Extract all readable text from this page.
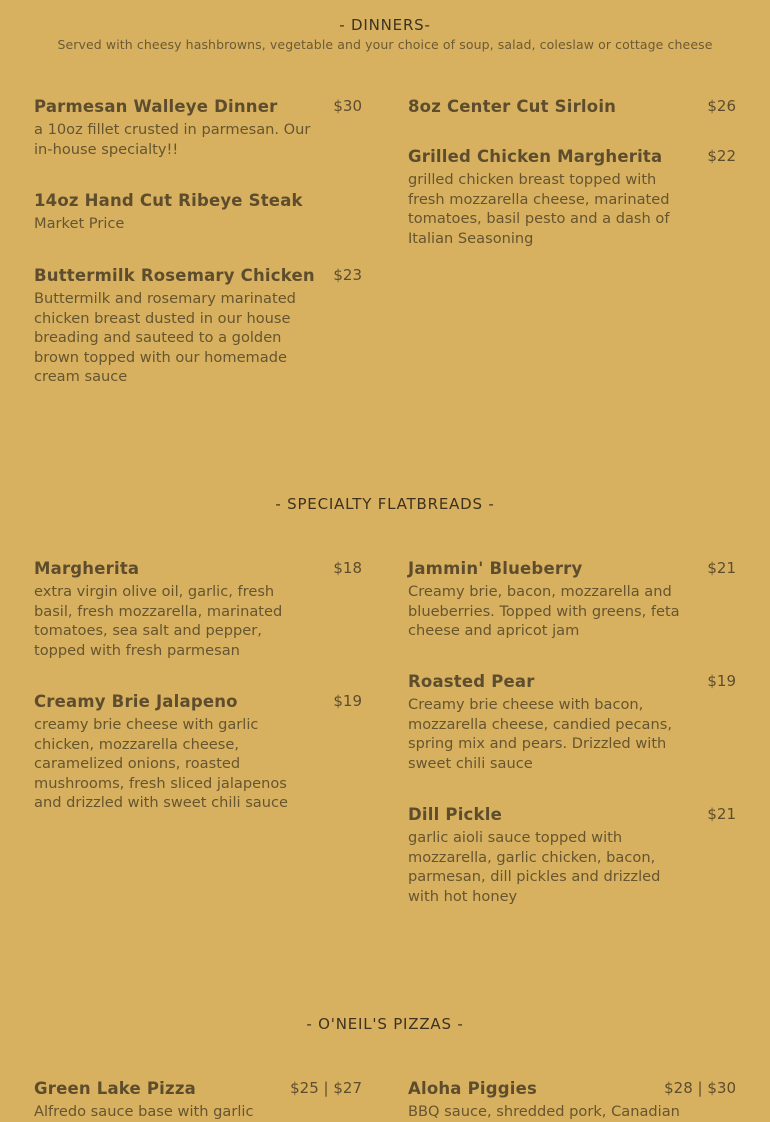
- DINNERS-
Served with cheesy hashbrowns, vegetable and your choice of soup, salad, coleslaw or cottage cheese
Parmesan Walleye Dinner	$30
a 10oz fillet crusted in parmesan. Our in-house specialty!!
14oz Hand Cut Ribeye Steak
Market Price
Buttermilk Rosemary Chicken	$23
Buttermilk and rosemary marinated chicken breast dusted in our house breading and sauteed to a golden brown topped with our homemade cream sauce
8oz Center Cut Sirloin	$26
Grilled Chicken Margherita	$22
grilled chicken breast topped with fresh mozzarella cheese, marinated tomatoes, basil pesto and a dash of Italian Seasoning
- SPECIALTY FLATBREADS -
Margherita	$18
extra virgin olive oil, garlic, fresh basil, fresh mozzarella, marinated tomatoes, sea salt and pepper, topped with fresh parmesan
Creamy Brie Jalapeno	$19
creamy brie cheese with garlic chicken, mozzarella cheese, caramelized onions, roasted mushrooms, fresh sliced jalapenos and drizzled with sweet chili sauce
Jammin' Blueberry	$21
Creamy brie, bacon, mozzarella and blueberries. Topped with greens, feta cheese and apricot jam
Roasted Pear	$19
Creamy brie cheese with bacon, mozzarella cheese, candied pecans, spring mix and pears. Drizzled with sweet chili sauce
Dill Pickle	$21
garlic aioli sauce topped with mozzarella, garlic chicken, bacon, parmesan, dill pickles and drizzled with hot honey
- O'NEIL'S PIZZAS -
Green Lake Pizza	$25 | $27
Alfredo sauce base with garlic
Aloha Piggies	$28 | $30
BBQ sauce, shredded pork, Canadian
